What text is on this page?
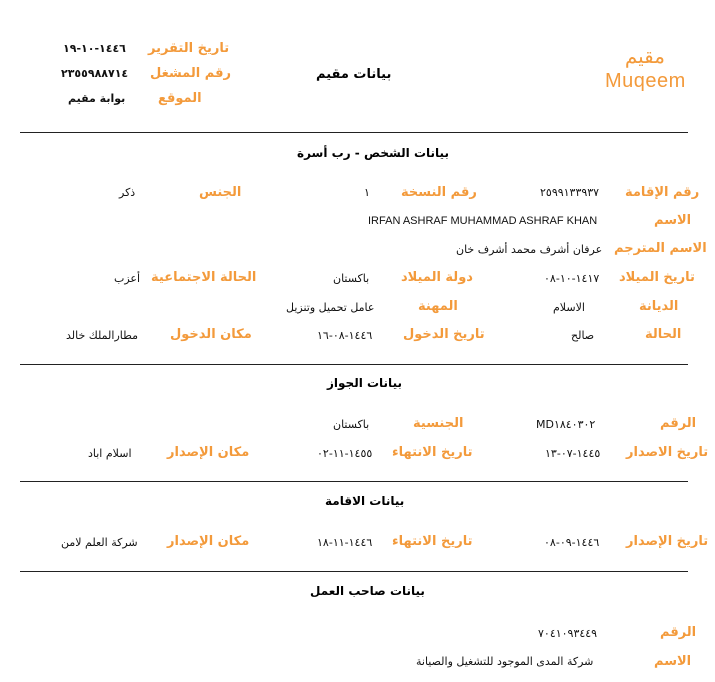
مقيم
Muqeem
بيانات مقيم
تاريخ التقرير
١٤٤٦-١٠-١٩
رقم المشغل
٢٣٥٥٩٨٨٧١٤
الموقع
بوابة مقيم
بيانات الشخص - رب أسرة
رقم الإقامة
٢٥٩٩١٣٣٩٣٧
رقم النسخة
١
الجنس
ذكر
الاسم
IRFAN ASHRAF MUHAMMAD ASHRAF KHAN
الاسم المترجم
عرفان أشرف محمد أشرف خان
تاريخ الميلاد
١٤١٧-١٠-٠٨
دولة الميلاد
باكستان
الحالة الاجتماعية
أعزب
الديانة
الاسلام
المهنة
عامل تحميل وتنزيل
الحالة
صالح
تاريخ الدخول
١٤٤٦-٠٨-١٦
مكان الدخول
مطارالملك خالد
بيانات الجواز
الرقم
MD١٨٤٠٣٠٢
الجنسية
باكستان
تاريخ الاصدار
١٤٤٥-٠٧-١٣
تاريخ الانتهاء
١٤٥٥-١١-٠٢
مكان الإصدار
اسلام اباد
بيانات الاقامة
تاريخ الإصدار
١٤٤٦-٠٩-٠٨
تاريخ الانتهاء
١٤٤٦-١١-١٨
مكان الإصدار
شركة العلم لامن
بيانات صاحب العمل
الرقم
٧٠٤١٠٩٣٤٤٩
الاسم
شركة المدى الموجود للتشغيل والصيانة
